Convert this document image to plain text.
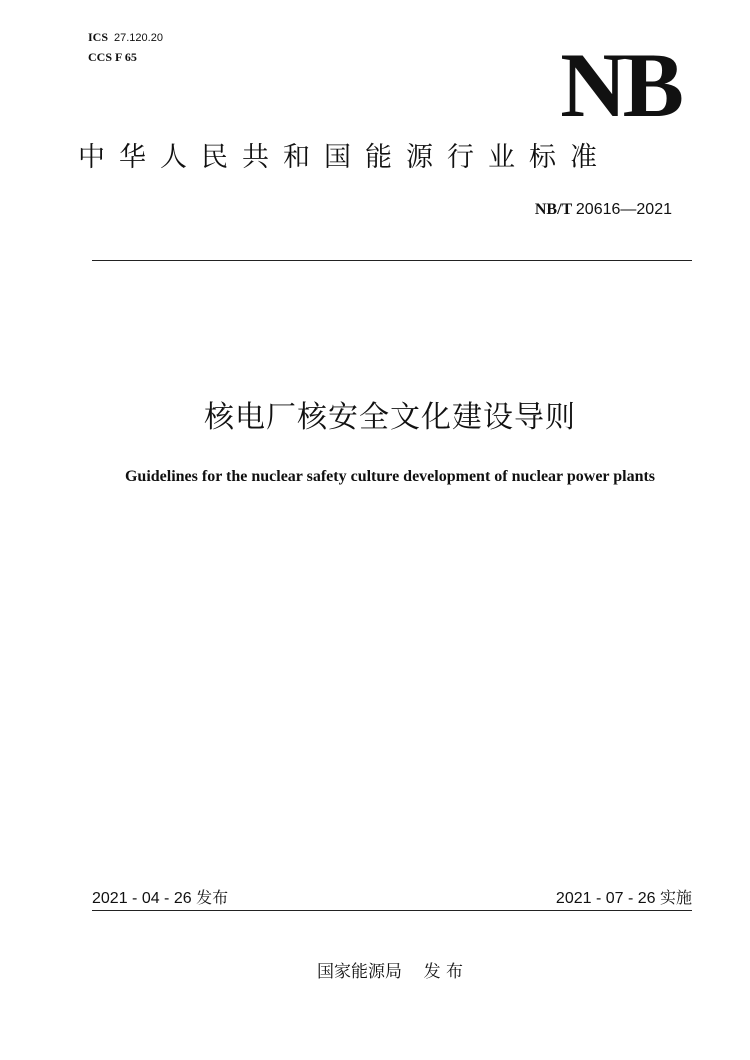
ICS 27.120.20
CCS F 65	NB
中华人民共和国能源行业标准
NB/T 20616—2021
核电厂核安全文化建设导则
Guidelines for the nuclear safety culture development of nuclear power plants
2021 - 04 - 26 发布	2021 - 07 - 26 实施
国家能源局    发 布
